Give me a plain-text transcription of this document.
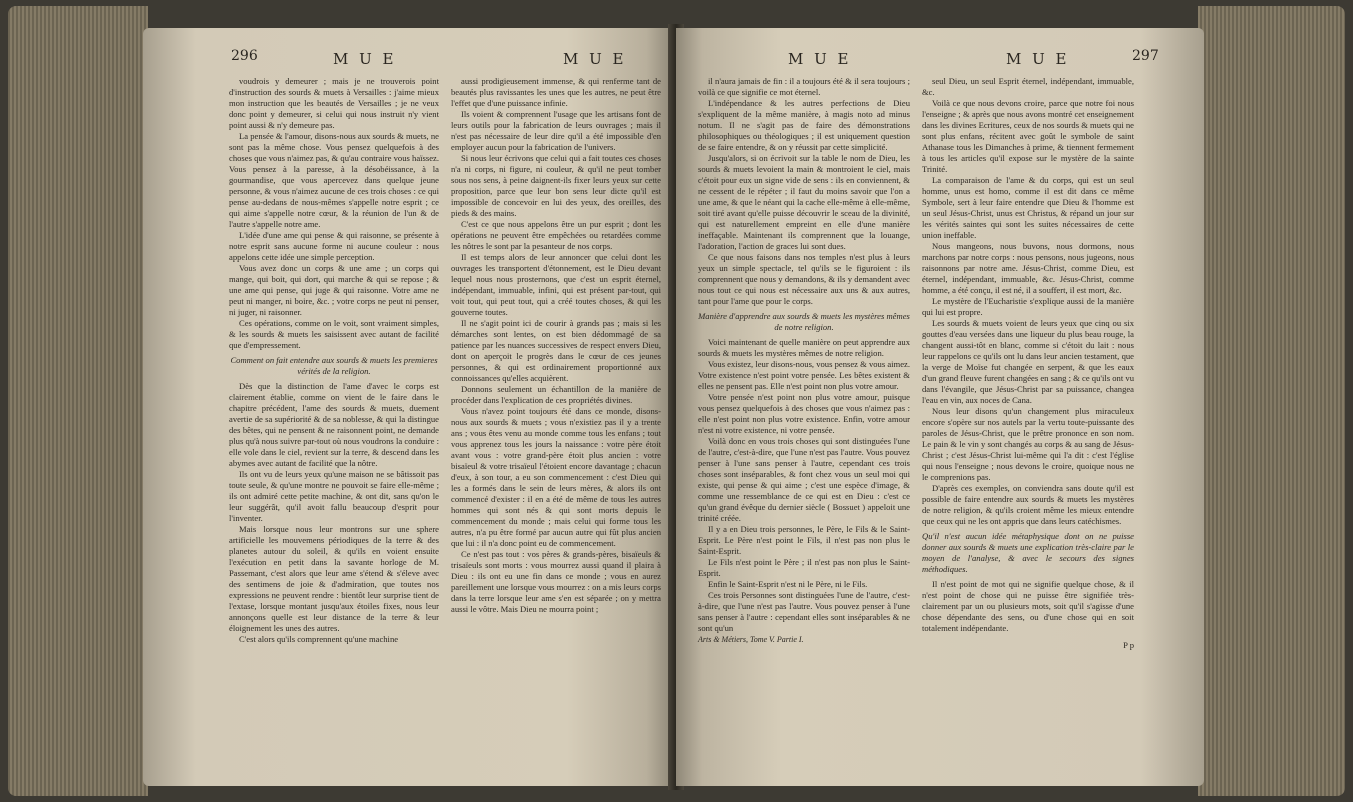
296	M U E	M U E

voudrois y demeurer ; mais je ne trouverois point d'instruction des sourds & muets à Versailles : j'aime mieux mon instruction que les beautés de Versailles ; je ne veux donc point y demeurer, si celui qui nous instruit n'y vient point aussi & n'y demeure pas.

La pensée & l'amour, disons-nous aux sourds & muets, ne sont pas la même chose. Vous pensez quelquefois à des choses que vous n'aimez pas, & qu'au contraire vous haïssez. Vous pensez à la paresse, à la désobéissance, à la gourmandise, que vous apercevez dans quelque jeune personne, & vous n'aimez aucune de ces trois choses : ce qui pense au-dedans de nous-mêmes s'appelle notre esprit ; ce qui aime s'appelle notre cœur, & la réunion de l'un & de l'autre s'appelle notre ame.

L'idée d'une ame qui pense & qui raisonne, se présente à notre esprit sans aucune forme ni aucune couleur : nous appelons cette idée une simple perception.

Vous avez donc un corps & une ame ; un corps qui mange, qui boit, qui dort, qui marche & qui se repose ; & une ame qui pense, qui juge & qui raisonne. Votre ame ne peut ni manger, ni boire, &c. ; votre corps ne peut ni penser, ni juger, ni raisonner.

Ces opérations, comme on le voit, sont vraiment simples, & les sourds & muets les saisissent avec autant de facilité que d'empressement.

Comment on fait entendre aux sourds & muets les premieres vérités de la religion.

Dès que la distinction de l'ame d'avec le corps est clairement établie, comme on vient de le faire dans le chapitre précédent, l'ame des sourds & muets, duement avertie de sa supériorité & de sa noblesse, & qui la distingue des bêtes, qui ne pensent & ne raisonnent point, ne demande plus qu'à nous suivre par-tout où nous voudrons la conduire : elle vole dans le ciel, revient sur la terre, & descend dans les abymes avec autant de facilité que la nôtre.

Ils ont vu de leurs yeux qu'une maison ne se bâtissoit pas toute seule, & qu'une montre ne pouvoit se faire elle-même ; ils ont admiré cette petite machine, & ont dit, sans qu'on le leur suggérât, qu'il avoit fallu beaucoup d'esprit pour l'inventer.

Mais lorsque nous leur montrons sur une sphere artificielle les mouvemens périodiques de la terre & des planetes autour du soleil, & qu'ils en voient ensuite l'exécution en petit dans la savante horloge de M. Passemant, c'est alors que leur ame s'étend & s'éleve avec des sentimens de joie & d'admiration, que toutes nos expressions ne peuvent rendre : bientôt leur surprise tient de l'extase, lorsque montant jusqu'aux étoiles fixes, nous leur annonçons quelle est leur distance de la terre & leur éloignement les unes des autres.

C'est alors qu'ils comprennent qu'une machine

aussi prodigieusement immense, & qui renferme tant de beautés plus ravissantes les unes que les autres, ne peut être l'effet que d'une puissance infinie.

Ils voient & comprennent l'usage que les artisans font de leurs outils pour la fabrication de leurs ouvrages ; mais il n'est pas nécessaire de leur dire qu'il a été impossible d'en employer aucun pour la fabrication de l'univers.

Si nous leur écrivons que celui qui a fait toutes ces choses n'a ni corps, ni figure, ni couleur, & qu'il ne peut tomber sous nos sens, à peine daignent-ils fixer leurs yeux sur cette proposition, parce que leur bon sens leur dicte qu'il est impossible de concevoir en lui des yeux, des oreilles, des pieds & des mains.

C'est ce que nous appelons être un pur esprit ; dont les opérations ne peuvent être empêchées ou retardées comme les nôtres le sont par la pesanteur de nos corps.

Il est temps alors de leur annoncer que celui dont les ouvrages les transportent d'étonnement, est le Dieu devant lequel nous nous prosternons, que c'est un esprit éternel, indépendant, immuable, infini, qui est présent par-tout, qui voit tout, qui peut tout, qui a créé toutes choses, & qui les gouverne toutes.

Il ne s'agit point ici de courir à grands pas ; mais si les démarches sont lentes, on est bien dédommagé de sa patience par les nuances successives de respect envers Dieu, dont on aperçoit le progrès dans le cœur de ces jeunes personnes, & qui est ordinairement proportionné aux connoissances qu'elles acquièrent.

Donnons seulement un échantillon de la manière de procéder dans l'explication de ces propriétés divines.

Vous n'avez point toujours été dans ce monde, disons-nous aux sourds & muets ; vous n'existiez pas il y a trente ans ; vous êtes venu au monde comme tous les enfans ; tout vous apprenez tous les jours la naissance : votre père étoit avant vous : votre grand-père étoit plus ancien : votre bisaïeul & votre trisaïeul l'étoient encore davantage ; chacun d'eux, à son tour, a eu son commencement : c'est Dieu qui les a formés dans le sein de leurs mères, & alors ils ont commencé d'exister : il en a été de même de tous les autres hommes qui sont nés & qui sont morts depuis le commencement du monde ; mais celui qui forme tous les autres, n'a pu être formé par aucun autre qui fût plus ancien que lui : il n'a donc point eu de commencement.

Ce n'est pas tout : vos pères & grands-pères, bisaïeuls & trisaïeuls sont morts : vous mourrez aussi quand il plaira à Dieu : ils ont eu une fin dans ce monde ; vous en aurez pareillement une lorsque vous mourrez : on a mis leurs corps dans la terre lorsque leur ame s'en est séparée ; on y mettra aussi le vôtre. Mais Dieu ne mourra point ;

M U E	M U E	297

il n'aura jamais de fin : il a toujours été & il sera toujours ; voilà ce que signifie ce mot éternel.

L'indépendance & les autres perfections de Dieu s'expliquent de la même manière, à magis noto ad minus notum. Il ne s'agit pas de faire des démonstrations philosophiques ou théologiques ; il est uniquement question de se faire entendre, & on y réussit par cette simplicité.

Jusqu'alors, si on écrivoit sur la table le nom de Dieu, les sourds & muets levoient la main & montroient le ciel, mais c'étoit pour eux un signe vide de sens : ils en conviennent, & ne cessent de le répéter ; il faut du moins savoir que l'on a une ame, & que le néant qui la cache elle-même à elle-même, soit tiré avant qu'elle puisse découvrir le sceau de la divinité, qui est naturellement empreint en elle d'une manière ineffaçable. Maintenant ils comprennent que la louange, l'adoration, l'action de graces lui sont dues.

Ce que nous faisons dans nos temples n'est plus à leurs yeux un simple spectacle, tel qu'ils se le figuroient : ils comprennent que nous y demandons, & ils y demandent avec nous tout ce qui nous est nécessaire aux uns & aux autres, tant pour l'ame que pour le corps.

Manière d'apprendre aux sourds & muets les mystères mêmes de notre religion.

Voici maintenant de quelle manière on peut apprendre aux sourds & muets les mystères mêmes de notre religion.

Vous existez, leur disons-nous, vous pensez & vous aimez. Votre existence n'est point votre pensée. Les bêtes existent & elles ne pensent pas. Elle n'est point non plus votre amour.

Votre pensée n'est point non plus votre amour, puisque vous pensez quelquefois à des choses que vous n'aimez pas : elle n'est point non plus votre existence. Enfin, votre amour n'est ni votre existence, ni votre pensée.

Voilà donc en vous trois choses qui sont distinguées l'une de l'autre, c'est-à-dire, que l'une n'est pas l'autre. Vous pouvez penser à l'une sans penser à l'autre, cependant ces trois choses sont inséparables, & font chez vous un seul moi qui existe, qui pense & qui aime ; c'est une espèce d'image, & comme une ressemblance de ce qui est en Dieu : c'est ce qu'un grand évêque du dernier siècle ( Bossuet ) appeloit une trinité créée.

Il y a en Dieu trois personnes, le Père, le Fils & le Saint-Esprit. Le Père n'est point le Fils, il n'est pas non plus le Saint-Esprit.

Le Fils n'est point le Père ; il n'est pas non plus le Saint-Esprit.

Enfin le Saint-Esprit n'est ni le Père, ni le Fils.

Ces trois Personnes sont distinguées l'une de l'autre, c'est-à-dire, que l'une n'est pas l'autre. Vous pouvez penser à l'une sans penser à l'autre : cependant elles sont inséparables & ne sont qu'un

Arts & Métiers, Tome V. Partie I.

seul Dieu, un seul Esprit éternel, indépendant, immuable, &c.

Voilà ce que nous devons croire, parce que notre foi nous l'enseigne ; & après que nous avons montré cet enseignement dans les divines Ecritures, ceux de nos sourds & muets qui ne sont plus enfans, récitent avec goût le symbole de saint Athanase tous les Dimanches à prime, & tiennent fermement à tous les articles qu'il expose sur le mystère de la sainte Trinité.

La comparaison de l'ame & du corps, qui est un seul homme, unus est homo, comme il est dit dans ce même Symbole, sert à leur faire entendre que Dieu & l'homme est un seul Jésus-Christ, unus est Christus, & répand un jour sur les vérités saintes qui sont les suites nécessaires de cette union ineffable.

Nous mangeons, nous buvons, nous dormons, nous marchons par notre corps : nous pensons, nous jugeons, nous raisonnons par notre ame. Jésus-Christ, comme Dieu, est éternel, indépendant, immuable, &c. Jésus-Christ, comme homme, a été conçu, il est né, il a souffert, il est mort, &c.

Le mystère de l'Eucharistie s'explique aussi de la manière qui lui est propre.

Les sourds & muets voient de leurs yeux que cinq ou six gouttes d'eau versées dans une liqueur du plus beau rouge, la changent aussi-tôt en blanc, comme si c'étoit du lait : nous leur rappelons ce qu'ils ont lu dans leur ancien testament, que la verge de Moïse fut changée en serpent, & que les eaux d'un grand fleuve furent changées en sang ; & ce qu'ils ont vu dans l'évangile, que Jésus-Christ par sa puissance, changea l'eau en vin, aux noces de Cana.

Nous leur disons qu'un changement plus miraculeux encore s'opère sur nos autels par la vertu toute-puissante des paroles de Jésus-Christ, que le prêtre prononce en son nom. Le pain & le vin y sont changés au corps & au sang de Jésus-Christ ; c'est Jésus-Christ lui-même qui l'a dit : c'est l'église qui nous l'enseigne ; nous devons le croire, quoique nous ne le comprenions pas.

D'après ces exemples, on conviendra sans doute qu'il est possible de faire entendre aux sourds & muets les mystères de notre religion, & qu'ils croient même les mieux entendre que ceux qui ne les ont appris que dans leurs catéchismes.

Qu'il n'est aucun idée métaphysique dont on ne puisse donner aux sourds & muets une explication très-claire par le moyen de l'analyse, & avec le secours des signes méthodiques.

Il n'est point de mot qui ne signifie quelque chose, & il n'est point de chose qui ne puisse être signifiée très-clairement par un ou plusieurs mots, soit qu'il s'agisse d'une chose dépendante des sens, ou d'une chose qui en soit totalement indépendante.

P p
